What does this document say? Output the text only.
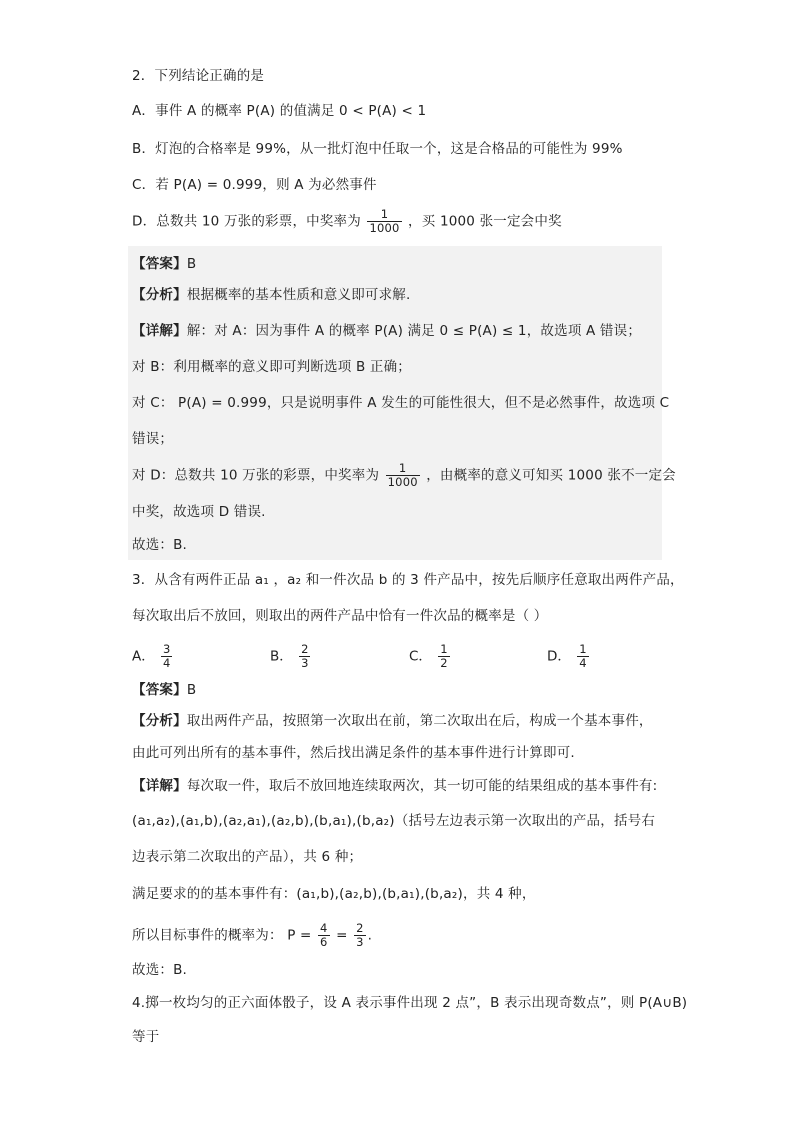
2．下列结论正确的是
A．事件 A 的概率 P(A) 的值满足 0 < P(A) < 1
B．灯泡的合格率是 99%，从一批灯泡中任取一个，这是合格品的可能性为 99%
C．若 P(A) = 0.999，则 A 为必然事件
D．总数共 10 万张的彩票，中奖率为 $\frac{1}{1000}$ ，买 1000 张一定会中奖
【答案】B
【分析】根据概率的基本性质和意义即可求解.
【详解】解：对 A：因为事件 A 的概率 P(A) 满足 0 ≤ P(A) ≤ 1，故选项 A 错误；
对 B：利用概率的意义即可判断选项 B 正确；
对 C： P(A) = 0.999，只是说明事件 A 发生的可能性很大，但不是必然事件，故选项 C
错误；
对 D：总数共 10 万张的彩票，中奖率为 $\frac{1}{1000}$ ，由概率的意义可知买 1000 张不一定会
中奖，故选项 D 错误.
故选：B.
3．从含有两件正品 a₁ ，a₂ 和一件次品 b 的 3 件产品中，按先后顺序任意取出两件产品，
每次取出后不放回，则取出的两件产品中恰有一件次品的概率是（ ）
A． $\frac{3}{4}$	B． $\frac{2}{3}$	C． $\frac{1}{2}$	D． $\frac{1}{4}$
【答案】B
【分析】取出两件产品，按照第一次取出在前，第二次取出在后，构成一个基本事件，
由此可列出所有的基本事件，然后找出满足条件的基本事件进行计算即可.
【详解】每次取一件，取后不放回地连续取两次，其一切可能的结果组成的基本事件有:
(a₁,a₂),(a₁,b),(a₂,a₁),(a₂,b),(b,a₁),(b,a₂)（括号左边表示第一次取出的产品，括号右
边表示第二次取出的产品），共 6 种；
满足要求的的基本事件有：(a₁,b),(a₂,b),(b,a₁),(b,a₂)，共 4 种，
所以目标事件的概率为： $P = \frac{4}{6} = \frac{2}{3}$ .
故选：B.
4.掷一枚均匀的正六面体骰子，设 A 表示事件出现 2 点”，B 表示出现奇数点”，则 P(A∪B)
等于
